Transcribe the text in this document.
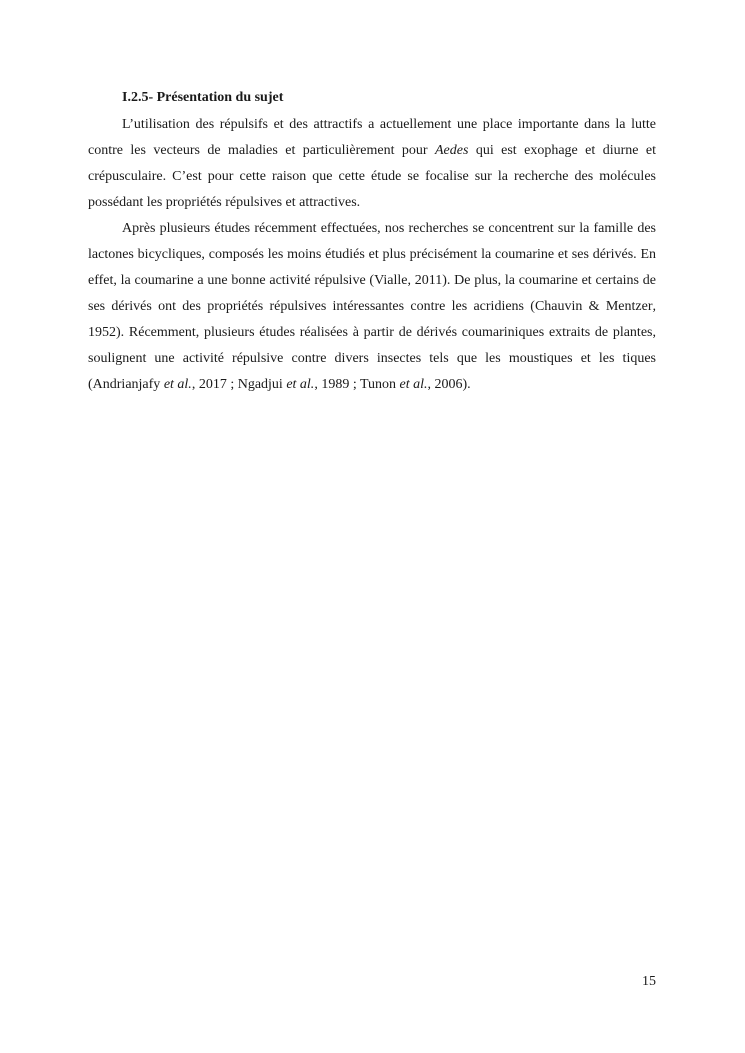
I.2.5- Présentation du sujet

L’utilisation des répulsifs et des attractifs a actuellement une place importante dans la lutte contre les vecteurs de maladies et particulièrement pour Aedes qui est exophage et diurne et crépusculaire. C’est pour cette raison que cette étude se focalise sur la recherche des molécules possédant les propriétés répulsives et attractives.

Après plusieurs études récemment effectuées, nos recherches se concentrent sur la famille des lactones bicycliques, composés les moins étudiés et plus précisément la coumarine et ses dérivés. En effet, la coumarine a une bonne activité répulsive (Vialle, 2011). De plus, la coumarine et certains de ses dérivés ont des propriétés répulsives intéressantes contre les acridiens (Chauvin & Mentzer, 1952). Récemment, plusieurs études réalisées à partir de dérivés coumariniques extraits de plantes, soulignent une activité répulsive contre divers insectes tels que les moustiques et les tiques (Andrianjafy et al., 2017 ; Ngadjui et al., 1989 ; Tunon et al., 2006).

15
